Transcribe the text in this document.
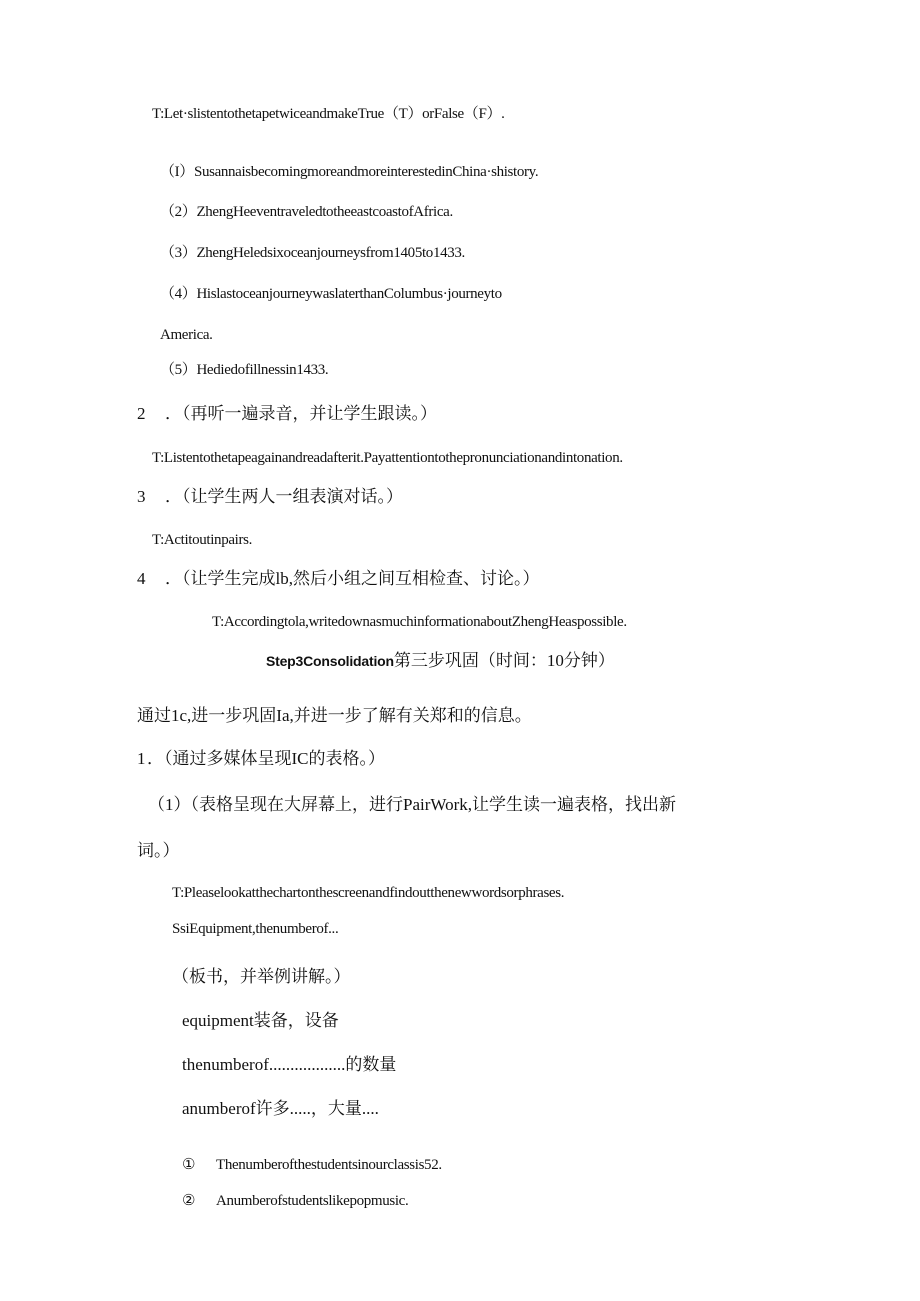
T:Let·slistentothetapetwiceandmakeTrue（T）orFalse（F）.
（I）SusannaisbecomingmoreandmoreinterestedinChina·shistory.
（2）ZhengHeeventraveledtotheeastcoastofAfrica.
（3）ZhengHeledsixoceanjourneysfrom1405to1433.
（4）HislastoceanjourneywaslaterthanColumbus·journeyto
America.
（5）Hediedofillnessin1433.
2 ．（再听一遍录音，并让学生跟读。）
T:Listentothetapeagainandreadafterit.Payattentiontothepronunciationandintonation.
3 ．（让学生两人一组表演对话。）
T:Actitoutinpairs.
4 ．（让学生完成lb,然后小组之间互相检查、讨论。）
T:Accordingtola,writedownasmuchinformationaboutZhengHeaspossible.
Step3Consolidation第三步巩固（时间：10分钟）
通过1c,进一步巩固Ia,并进一步了解有关郑和的信息。
1．（通过多媒体呈现IC的表格。）
（1）（表格呈现在大屏幕上，进行PairWork,让学生读一遍表格，找出新
词。）
T:Pleaselookatthechartonthescreenandfindoutthenewwordsorphrases.
SsiEquipment,thenumberof...
（板书，并举例讲解。）
equipment装备，设备
thenumberof..................的数量
anumberof许多.....，大量....
① Thenumberofthestudentsinourclassis52.
② Anumberofstudentslikepopmusic.
